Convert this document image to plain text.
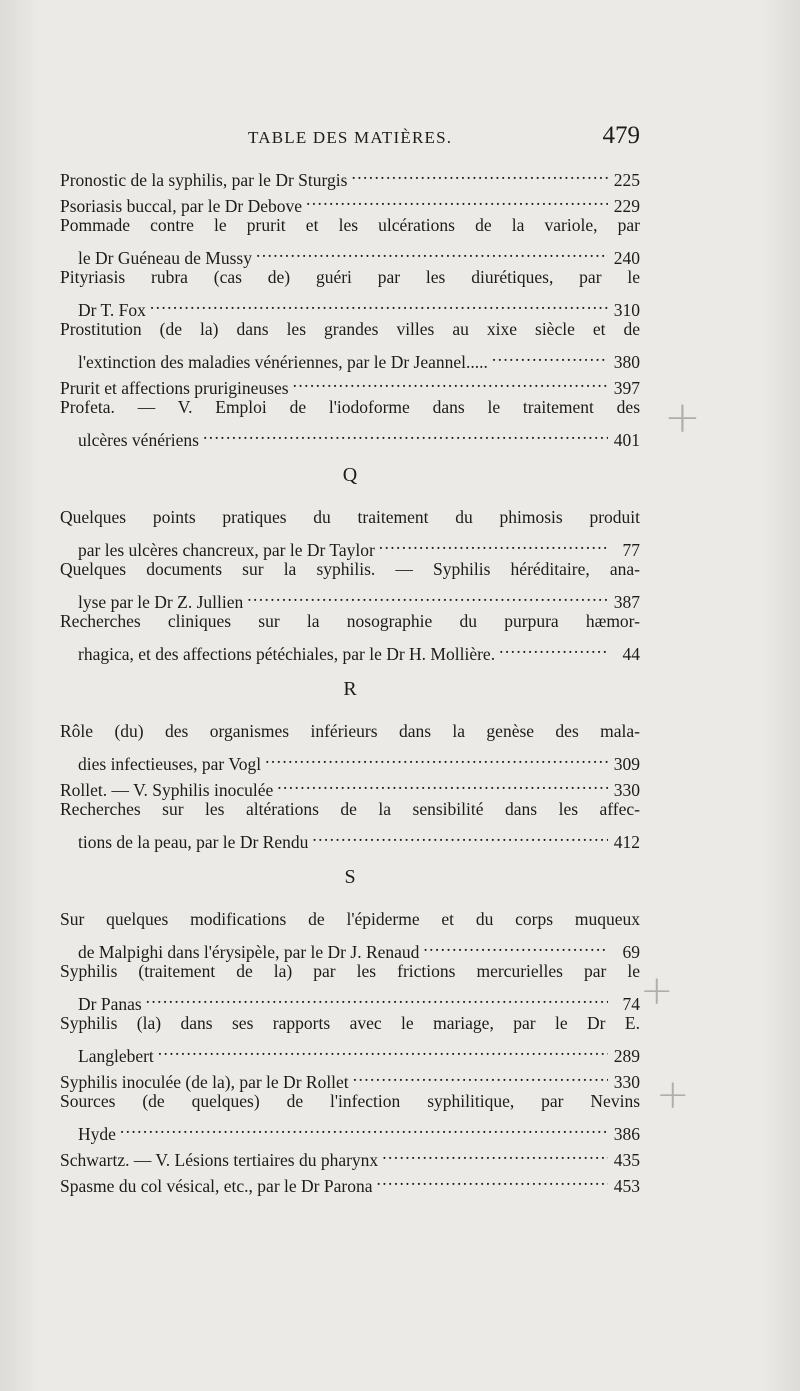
TABLE DES MATIÈRES.	479
Pronostic de la syphilis, par le Dr Sturgis . . .	225
Psoriasis buccal, par le Dr Debove . . .	229
Pommade contre le prurit et les ulcérations de la variole, par
le Dr Guéneau de Mussy . . .	240
Pityriasis rubra (cas de) guéri par les diurétiques, par le
Dr T. Fox . . .	310
Prostitution (de la) dans les grandes villes au xixe siècle et de
l'extinction des maladies vénériennes, par le Dr Jeannel..... . . .	380
Prurit et affections prurigineuses . . .	397
Profeta. — V. Emploi de l'iodoforme dans le traitement des
ulcères vénériens . . .	401
Q
Quelques points pratiques du traitement du phimosis produit
par les ulcères chancreux, par le Dr Taylor . . .	77
Quelques documents sur la syphilis. — Syphilis héréditaire, ana-
lyse par le Dr Z. Jullien . . .	387
Recherches cliniques sur la nosographie du purpura hæmor-
rhagica, et des affections pétéchiales, par le Dr H. Mollière. . . .	44
R
Rôle (du) des organismes inférieurs dans la genèse des mala-
dies infectieuses, par Vogl . . .	309
Rollet. — V. Syphilis inoculée . . .	330
Recherches sur les altérations de la sensibilité dans les affec-
tions de la peau, par le Dr Rendu . . .	412
S
Sur quelques modifications de l'épiderme et du corps muqueux
de Malpighi dans l'érysipèle, par le Dr J. Renaud . . .	69
Syphilis (traitement de la) par les frictions mercurielles par le
Dr Panas . . .	74
Syphilis (la) dans ses rapports avec le mariage, par le Dr E.
Langlebert . . .	289
Syphilis inoculée (de la), par le Dr Rollet . . .	330
Sources (de quelques) de l'infection syphilitique, par Nevins
Hyde . . .	386
Schwartz. — V. Lésions tertiaires du pharynx . . .	435
Spasme du col vésical, etc., par le Dr Parona . . .	453
+
+
+
